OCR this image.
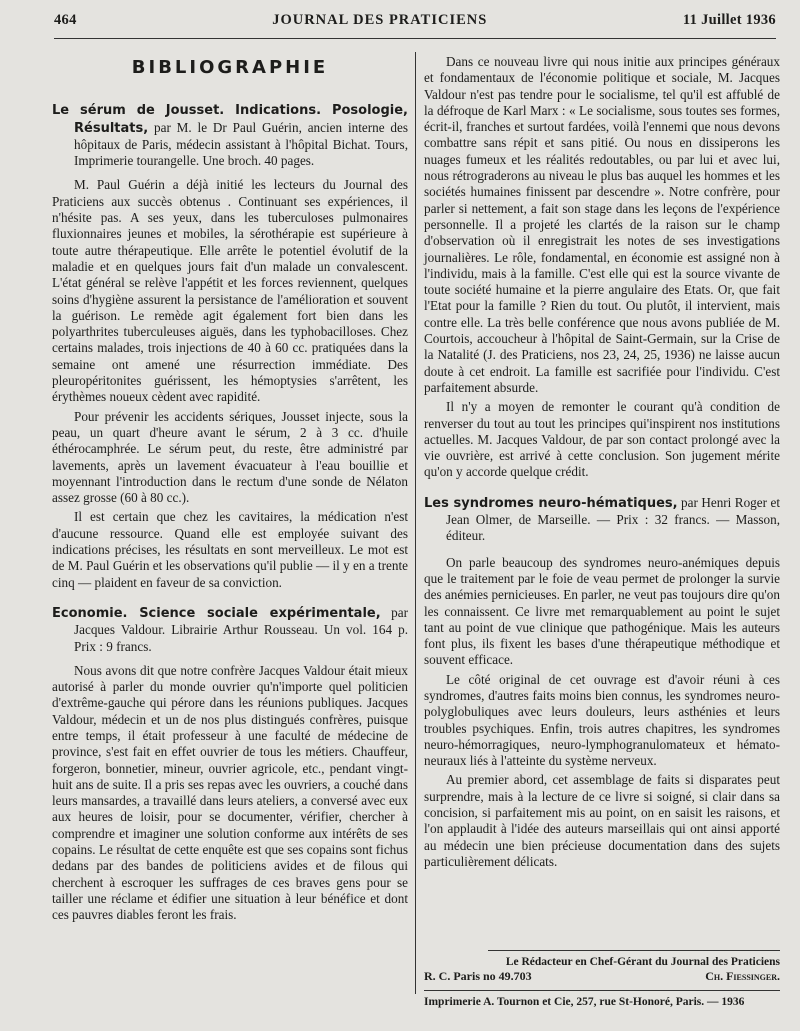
464	JOURNAL DES PRATICIENS	11 Juillet 1936
BIBLIOGRAPHIE

Le sérum de Jousset. Indications. Posologie, Résultats, par M. le Dr Paul Guérin, ancien interne des hôpitaux de Paris, médecin assistant à l'hôpital Bichat. Tours, Imprimerie tourangelle. Une broch. 40 pages.

M. Paul Guérin a déjà initié les lecteurs du Journal des Praticiens aux succès obtenus . Continuant ses expériences, il n'hésite pas. A ses yeux, dans les tuberculoses pulmonaires fluxionnaires jeunes et mobiles, la sérothérapie est supérieure à toute autre thérapeutique. Elle arrête le potentiel évolutif de la maladie et en quelques jours fait d'un malade un convalescent. L'état général se relève l'appétit et les forces reviennent, quelques soins d'hygiène assurent la persistance de l'amélioration et souvent la guérison. Le remède agit également fort bien dans les polyarthrites tuberculeuses aiguës, dans les typhobacilloses. Chez certains malades, trois injections de 40 à 60 cc. pratiquées dans la semaine ont amené une résurrection immédiate. Des pleuropéritonites guérissent, les hémoptysies s'arrêtent, les érythèmes noueux cèdent avec rapidité.

Pour prévenir les accidents sériques, Jousset injecte, sous la peau, un quart d'heure avant le sérum, 2 à 3 cc. d'huile éthérocamphrée. Le sérum peut, du reste, être administré par lavements, après un lavement évacuateur à l'eau bouillie et moyennant l'introduction dans le rectum d'une sonde de Nélaton assez grosse (60 à 80 cc.).

Il est certain que chez les cavitaires, la médication n'est d'aucune ressource. Quand elle est employée suivant des indications précises, les résultats en sont merveilleux. Le mot est de M. Paul Guérin et les observations qu'il publie — il y en a trente cinq — plaident en faveur de sa conviction.

Economie. Science sociale expérimentale, par Jacques Valdour. Librairie Arthur Rousseau. Un vol. 164 p. Prix : 9 francs.

Nous avons dit que notre confrère Jacques Valdour était mieux autorisé à parler du monde ouvrier qu'n'importe quel politicien d'extrême-gauche qui pérore dans les réunions publiques. Jacques Valdour, médecin et un de nos plus distingués confrères, puisque entre temps, il était professeur à une faculté de médecine de province, s'est fait en effet ouvrier de tous les métiers. Chauffeur, forgeron, bonnetier, mineur, ouvrier agricole, etc., pendant vingt-huit ans de suite. Il a pris ses repas avec les ouvriers, a couché dans leurs mansardes, a travaillé dans leurs ateliers, a conversé avec eux aux heures de loisir, pour se documenter, vérifier, chercher à comprendre et imaginer une solution conforme aux intérêts de ses copains. Le résultat de cette enquête est que ses copains sont fichus dedans par des bandes de politiciens avides et de filous qui cherchent à escroquer les suffrages de ces braves gens pour se tailler une réclame et édifier une situation à leur bénéfice et dont ces pauvres diables feront les frais.

Dans ce nouveau livre qui nous initie aux principes généraux et fondamentaux de l'économie politique et sociale, M. Jacques Valdour n'est pas tendre pour le socialisme, tel qu'il est affublé de la défroque de Karl Marx : « Le socialisme, sous toutes ses formes, écrit-il, franches et surtout fardées, voilà l'ennemi que nous devons combattre sans répit et sans pitié. Ou nous en dissiperons les nuages fumeux et les réalités redoutables, ou par lui et avec lui, nous rétrograderons au niveau le plus bas auquel les hommes et les sociétés humaines finissent par descendre ». Notre confrère, pour parler si nettement, a fait son stage dans les leçons de l'expérience personnelle. Il a projeté les clartés de la raison sur le champ d'observation où il enregistrait les notes de ses investigations journalières. Le rôle, fondamental, en économie est assigné non à l'individu, mais à la famille. C'est elle qui est la source vivante de toute société humaine et la pierre angulaire des Etats. Or, que fait l'Etat pour la famille ? Rien du tout. Ou plutôt, il intervient, mais contre elle. La très belle conférence que nous avons publiée de M. Courtois, accoucheur à l'hôpital de Saint-Germain, sur la Crise de la Natalité (J. des Praticiens, nos 23, 24, 25, 1936) ne laisse aucun doute à cet endroit. La famille est sacrifiée pour l'individu. C'est parfaitement absurde.

Il n'y a moyen de remonter le courant qu'à condition de renverser du tout au tout les principes qui'inspirent nos institutions actuelles. M. Jacques Valdour, de par son contact prolongé avec la vie ouvrière, est arrivé à cette conclusion. Son jugement mérite qu'on y accorde quelque crédit.

Les syndromes neuro-hématiques, par Henri Roger et Jean Olmer, de Marseille. — Prix : 32 francs. — Masson, éditeur.

On parle beaucoup des syndromes neuro-anémiques depuis que le traitement par le foie de veau permet de prolonger la survie des anémies pernicieuses. En parler, ne veut pas toujours dire qu'on les connaissent. Ce livre met remarquablement au point le sujet tant au point de vue clinique que pathogénique. Mais les auteurs font plus, ils fixent les bases d'une thérapeutique méthodique et souvent efficace.

Le côté original de cet ouvrage est d'avoir réuni à ces syndromes, d'autres faits moins bien connus, les syndromes neuro-polyglobuliques avec leurs douleurs, leurs asthénies et leurs troubles psychiques. Enfin, trois autres chapitres, les syndromes neuro-hémorragiques, neuro-lymphogranulomateux et hémato-neuraux liés à l'atteinte du système nerveux.

Au premier abord, cet assemblage de faits si disparates peut surprendre, mais à la lecture de ce livre si soigné, si clair dans sa concision, si parfaitement mis au point, on en saisit les raisons, et l'on applaudit à l'idée des auteurs marseillais qui ont ainsi apporté au médecin une bien précieuse documentation dans des sujets particulièrement délicats.

Le Rédacteur en Chef-Gérant du Journal des Praticiens
R. C. Paris no 49.703	Ch. Fiessinger.
Imprimerie A. Tournon et Cie, 257, rue St-Honoré, Paris. — 1936
